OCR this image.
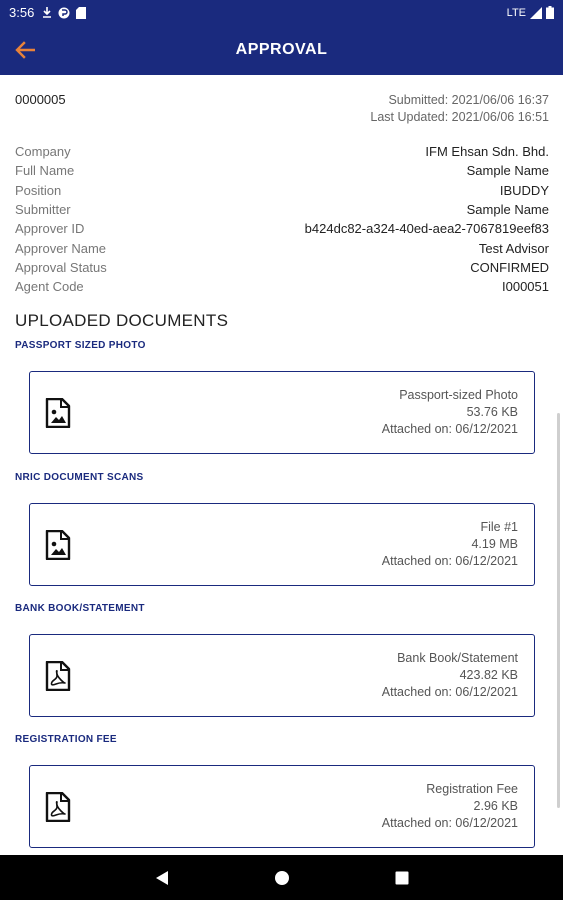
3:56	LTE
APPROVAL
0000005	Submitted: 2021/06/06 16:37
Last Updated: 2021/06/06 16:51
Company	IFM Ehsan Sdn. Bhd.
Full Name	Sample Name
Position	IBUDDY
Submitter	Sample Name
Approver ID	b424dc82-a324-40ed-aea2-7067819eef83
Approver Name	Test Advisor
Approval Status	CONFIRMED
Agent Code	I000051
UPLOADED DOCUMENTS
PASSPORT SIZED PHOTO
Passport-sized Photo
53.76 KB
Attached on: 06/12/2021
NRIC DOCUMENT SCANS
File #1
4.19 MB
Attached on: 06/12/2021
BANK BOOK/STATEMENT
Bank Book/Statement
423.82 KB
Attached on: 06/12/2021
REGISTRATION FEE
Registration Fee
2.96 KB
Attached on: 06/12/2021
